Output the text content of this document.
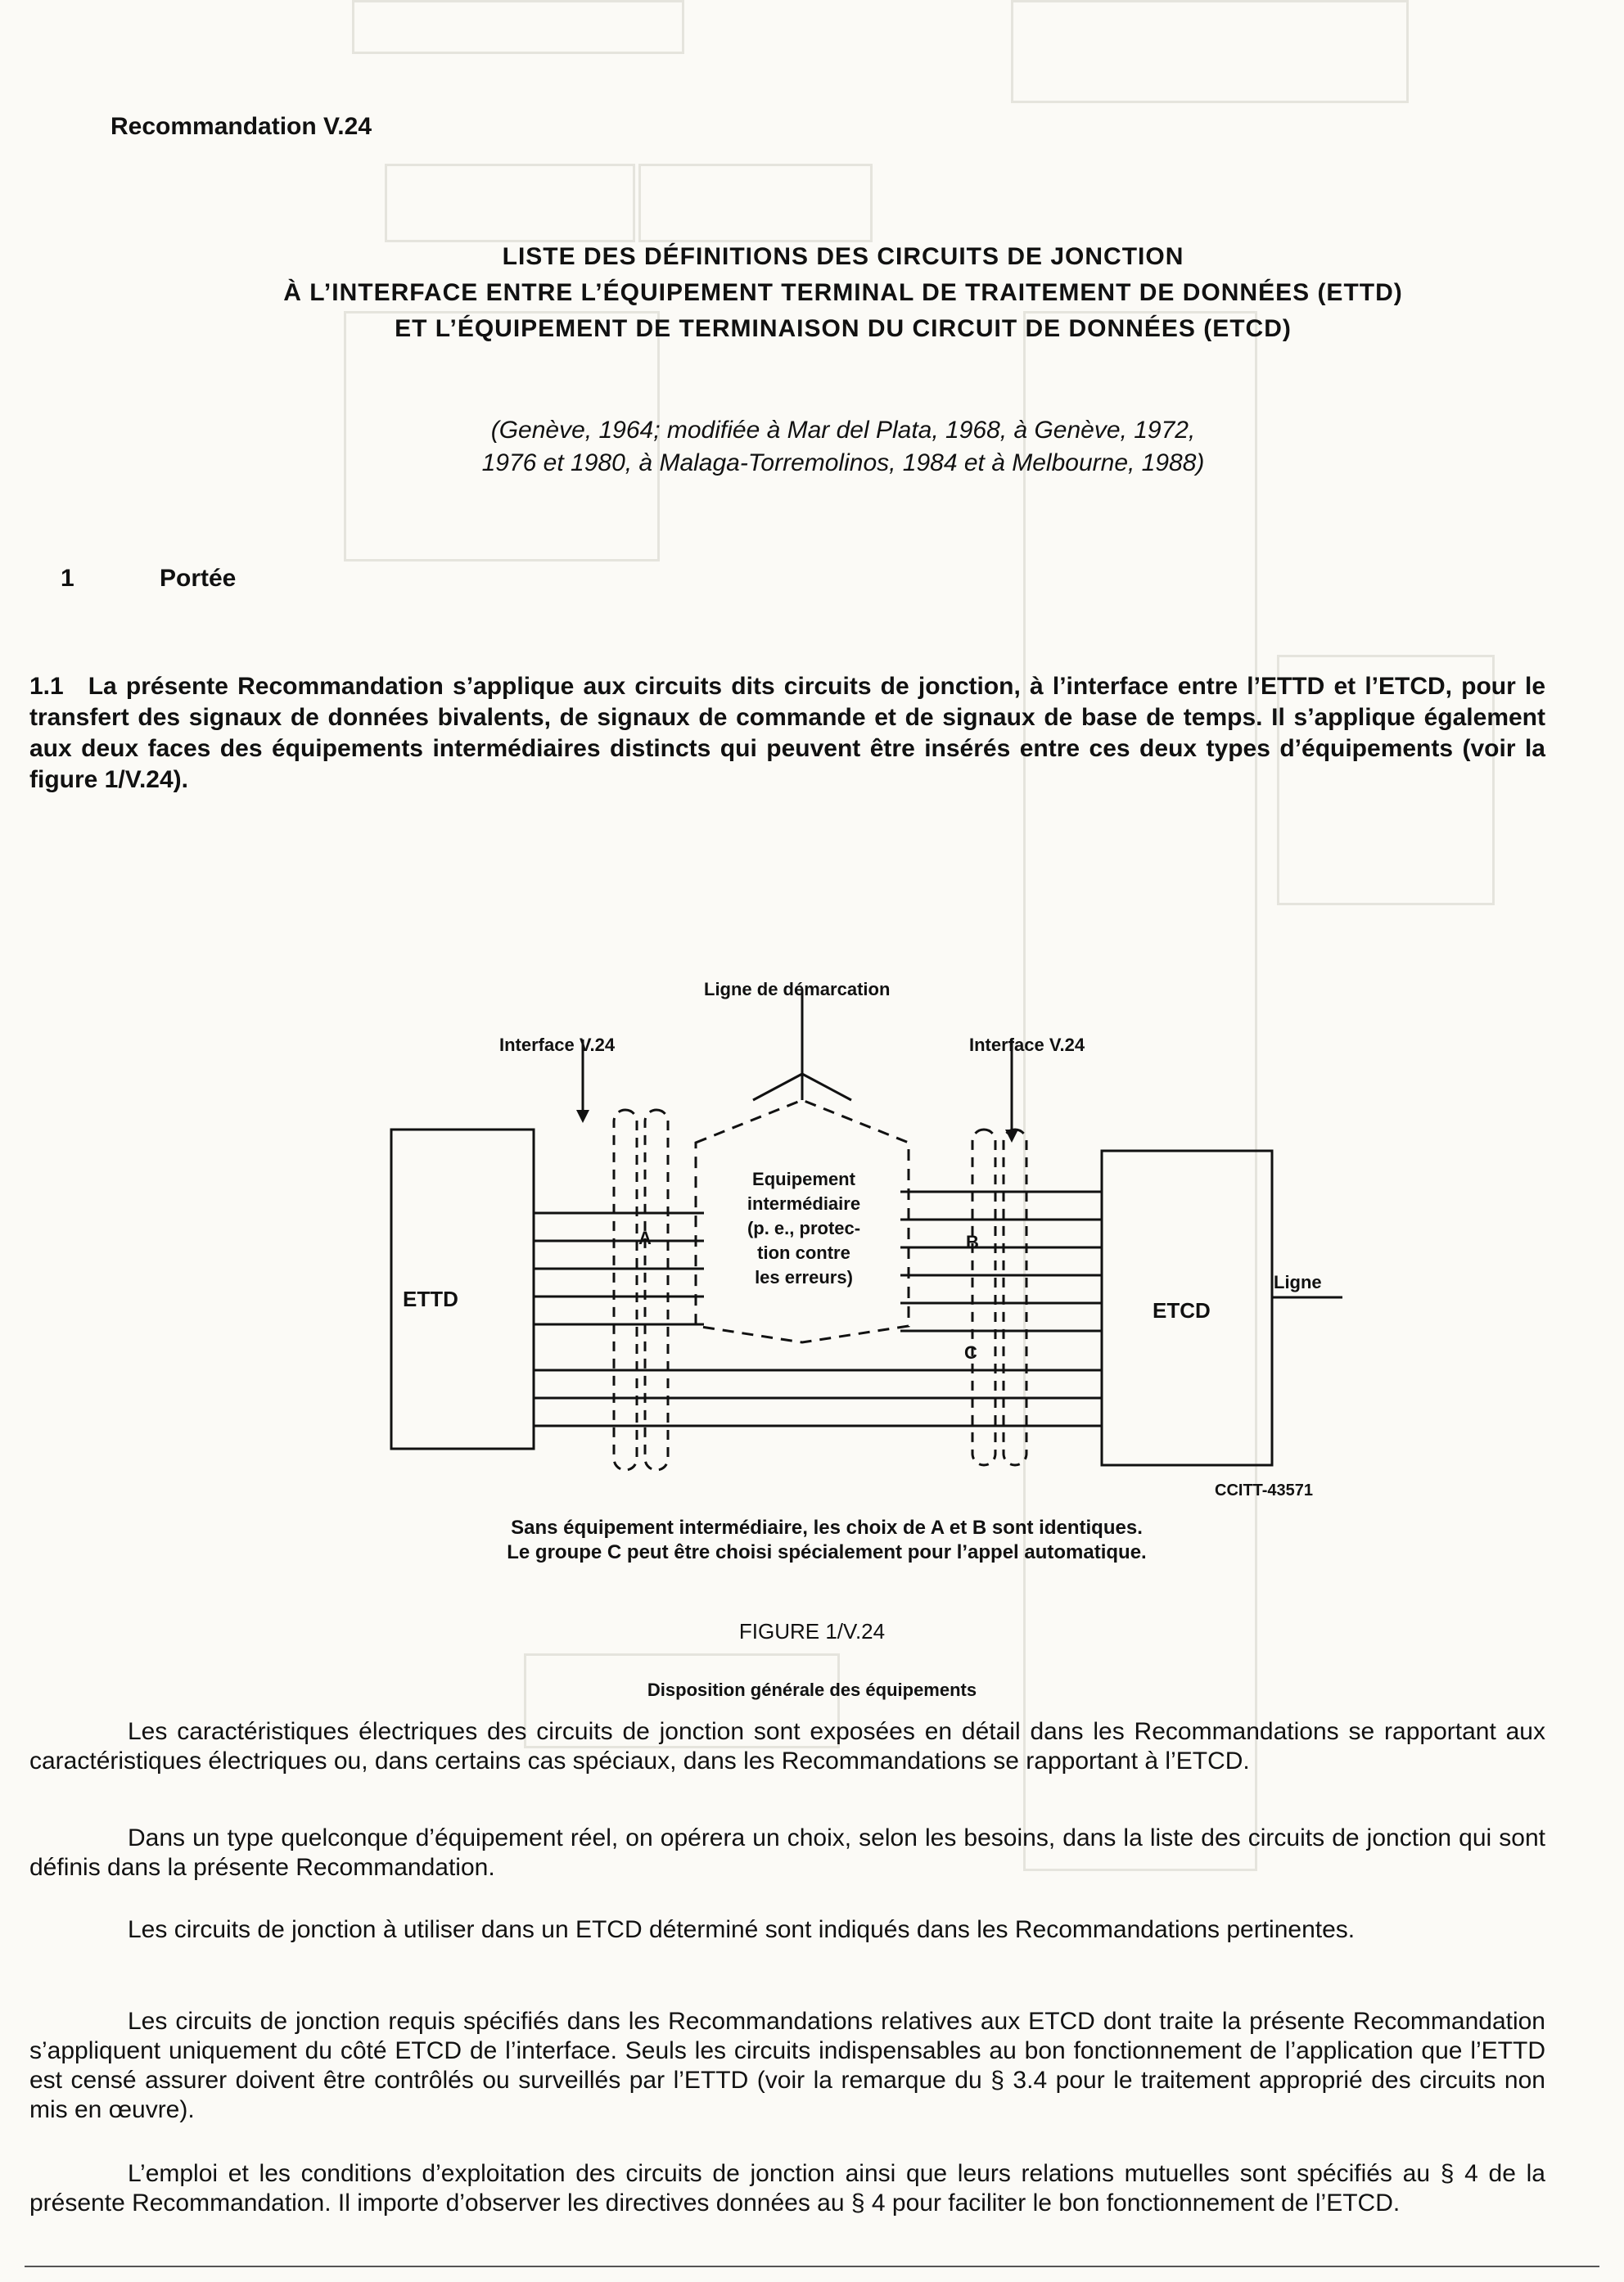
Recommandation V.24
LISTE DES DÉFINITIONS DES CIRCUITS DE JONCTION
À L’INTERFACE ENTRE L’ÉQUIPEMENT TERMINAL DE TRAITEMENT DE DONNÉES (ETTD)
ET L’ÉQUIPEMENT DE TERMINAISON DU CIRCUIT DE DONNÉES (ETCD)
(Genève, 1964; modifiée à Mar del Plata, 1968, à Genève, 1972,
1976 et 1980, à Malaga-Torremolinos, 1984 et à Melbourne, 1988)
1	Portée
1.1 La présente Recommandation s’applique aux circuits dits circuits de jonction, à l’interface entre l’ETTD et l’ETCD, pour le transfert des signaux de données bivalents, de signaux de commande et de signaux de base de temps. Il s’applique également aux deux faces des équipements intermédiaires distincts qui peuvent être insérés entre ces deux types d’équipements (voir la figure 1/V.24).
Ligne de démarcation
Interface V.24	Interface V.24
ETTD	ETCD
Ligne
A	B
C
Equipement
intermédiaire
(p. e., protec-
tion contre
les erreurs)
CCITT-43571
Sans équipement intermédiaire, les choix de A et B sont identiques.
Le groupe C peut être choisi spécialement pour l’appel automatique.
FIGURE 1/V.24
Disposition générale des équipements
Les caractéristiques électriques des circuits de jonction sont exposées en détail dans les Recommandations se rapportant aux caractéristiques électriques ou, dans certains cas spéciaux, dans les Recommandations se rapportant à l’ETCD.
Dans un type quelconque d’équipement réel, on opérera un choix, selon les besoins, dans la liste des circuits de jonction qui sont définis dans la présente Recommandation.
Les circuits de jonction à utiliser dans un ETCD déterminé sont indiqués dans les Recommandations pertinentes.
Les circuits de jonction requis spécifiés dans les Recommandations relatives aux ETCD dont traite la présente Recommandation s’appliquent uniquement du côté ETCD de l’interface. Seuls les circuits indispensables au bon fonctionnement de l’application que l’ETTD est censé assurer doivent être contrôlés ou surveillés par l’ETTD (voir la remarque du § 3.4 pour le traitement approprié des circuits non mis en œuvre).
L’emploi et les conditions d’exploitation des circuits de jonction ainsi que leurs relations mutuelles sont spécifiés au § 4 de la présente Recommandation. Il importe d’observer les directives données au § 4 pour faciliter le bon fonctionnement de l’ETCD.
